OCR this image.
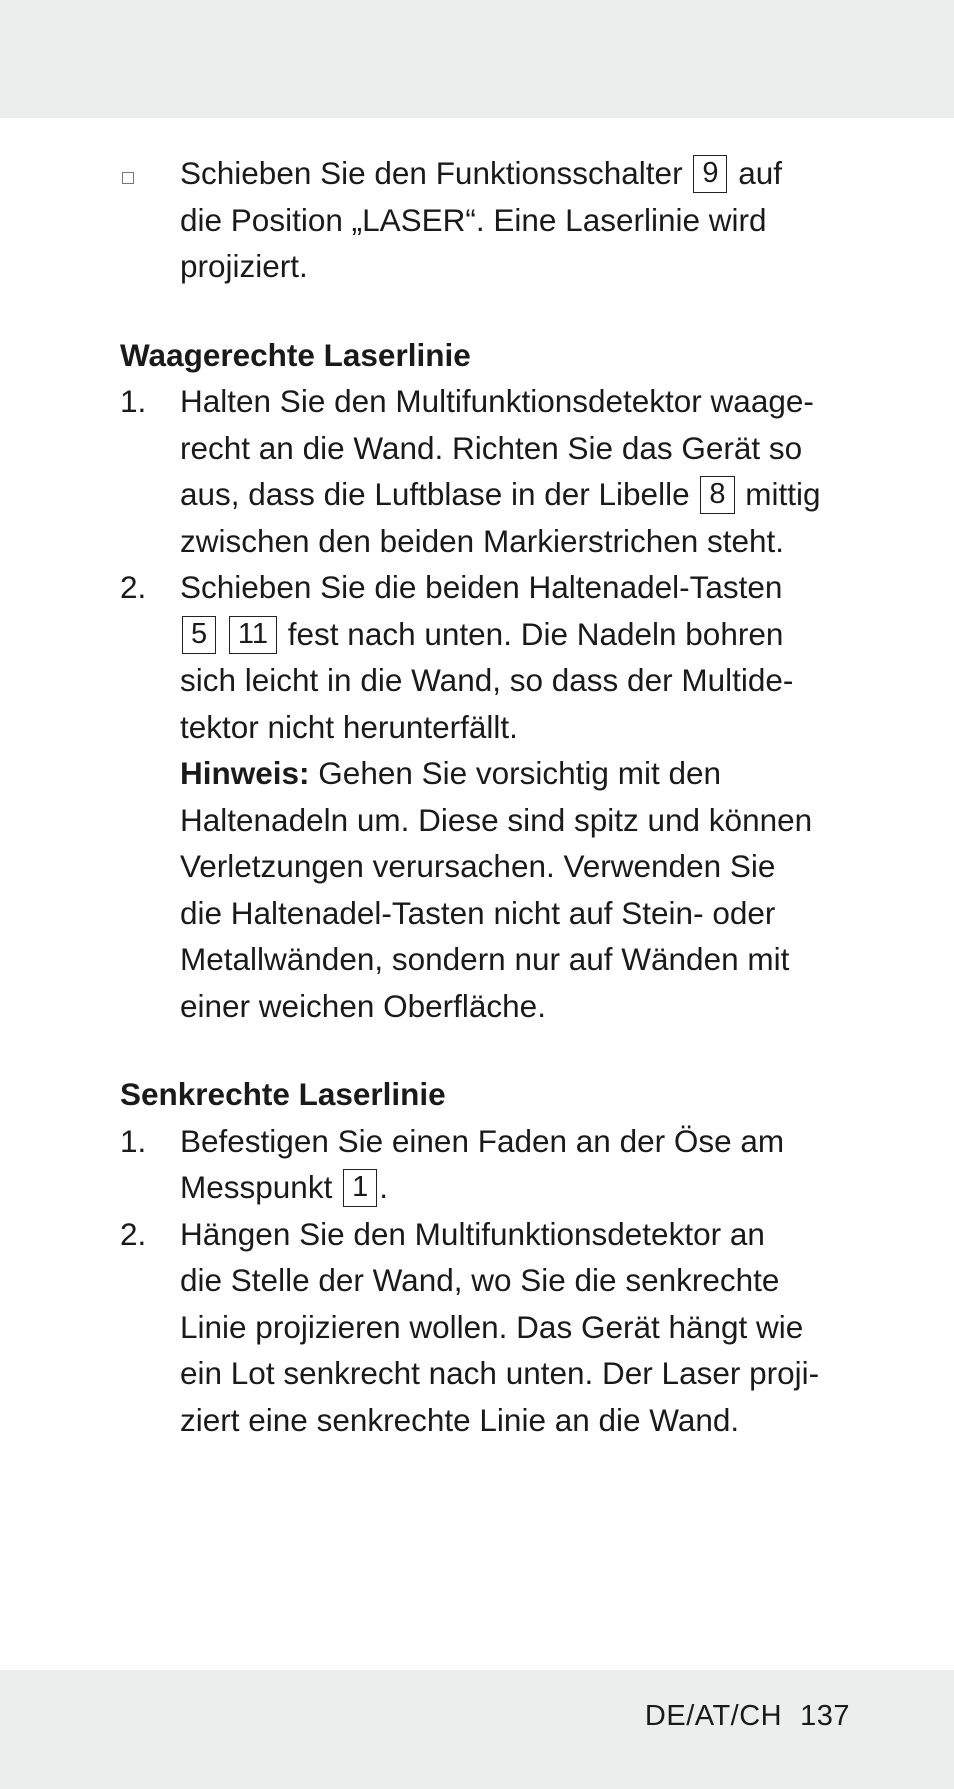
Schieben Sie den Funktionsschalter 9 auf
die Position „LASER“. Eine Laserlinie wird
projiziert.
Waagerechte Laserlinie
1. Halten Sie den Multifunktionsdetektor waage-
recht an die Wand. Richten Sie das Gerät so
aus, dass die Luftblase in der Libelle 8 mittig
zwischen den beiden Markierstrichen steht.
2. Schieben Sie die beiden Haltenadel-Tasten
5 11 fest nach unten. Die Nadeln bohren
sich leicht in die Wand, so dass der Multide-
tektor nicht herunterfällt.
Hinweis: Gehen Sie vorsichtig mit den
Haltenadeln um. Diese sind spitz und können
Verletzungen verursachen. Verwenden Sie
die Haltenadel-Tasten nicht auf Stein- oder
Metallwänden, sondern nur auf Wänden mit
einer weichen Oberfläche.
Senkrechte Laserlinie
1. Befestigen Sie einen Faden an der Öse am
Messpunkt 1 .
2. Hängen Sie den Multifunktionsdetektor an
die Stelle der Wand, wo Sie die senkrechte
Linie projizieren wollen. Das Gerät hängt wie
ein Lot senkrecht nach unten. Der Laser proji-
ziert eine senkrechte Linie an die Wand.
DE/AT/CH 137
